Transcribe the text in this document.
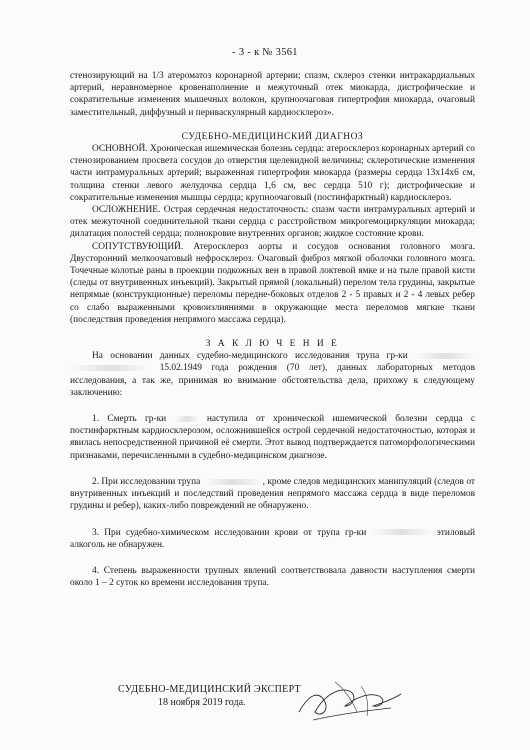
- 3 - к № 3561

стенозирующий на 1/3 атероматоз коронарной артерии; спазм, склероз стенки интракардиальных артерий, неравномерное кровенаполнение и межуточный отек миокарда, дистрофические и сократительные изменения мышечных волокон, крупноочаговая гипертрофия миокарда, очаговый заместительный, диффузный и периваскулярный кардиосклероз».

СУДЕБНО-МЕДИЦИНСКИЙ ДИАГНОЗ

ОСНОВНОЙ. Хроническая ишемическая болезнь сердца: атеросклероз коронарных артерий со стенозированием просвета сосудов до отверстия щелевидной величины; склеротические изменения части интрамуральных артерий; выраженная гипертрофия миокарда (размеры сердца 13х14х6 см, толщина стенки левого желудочка сердца 1,6 см, вес сердца 510 г); дистрофические и сократительные изменения мышцы сердца; крупноочаговый (постинфарктный) кардиосклероз.

ОСЛОЖНЕНИЕ. Острая сердечная недостаточность: спазм части интрамуральных артерий и отек межуточной соединительной ткани сердца с расстройством микрогемоциркуляции миокарда; дилатация полостей сердца; полнокровие внутренних органов; жидкое состояние крови.

СОПУТСТВУЮЩИЙ. Атеросклероз аорты и сосудов основания головного мозга. Двусторонний мелкоочаговый нефросклероз. Очаговый фиброз мягкой оболочки головного мозга. Точечные колотые раны в проекции подкожных вен в правой локтевой ямке и на тыле правой кисти (следы от внутривенных инъекций). Закрытый прямой (локальный) перелом тела грудины, закрытые непрямые (конструкционные) переломы передне-боковых отделов 2 - 5 правых и 2 - 4 левых ребер со слабо выраженными кровоизлияниями в окружающие места переломов мягкие ткани (последствия проведения непрямого массажа сердца).

З А К Л Ю Ч Е Н И Е

На основании данных судебно-медицинского исследования трупа гр-ки   15.02.1949 года рождения (70 лет), данных лабораторных методов исследования, а так же, принимая во внимание обстоятельства дела, прихожу к следующему заключению:

1. Смерть гр-ки	наступила от хронической ишемической болезни сердца с постинфарктным кардиосклерозом, осложнившейся острой сердечной недостаточностью, которая и явилась непосредственной причиной её смерти. Этот вывод подтверждается патоморфологическими признаками, перечисленными в судебно-медицинском диагнозе.

2. При исследовании трупа	, кроме следов медицинских манипуляций (следов от внутривенных инъекций и последствий проведения непрямого массажа сердца в виде переломов грудины и ребер), каких-либо повреждений не обнаружено.

3. При судебно-химическом исследовании крови от трупа гр-ки	этиловый алкоголь не обнаружен.

4. Степень выраженности трупных явлений соответствовала давности наступления смерти около 1 – 2 суток ко времени исследования трупа.

СУДЕБНО-МЕДИЦИНСКИЙ ЭКСПЕРТ
18 ноября 2019 года.
